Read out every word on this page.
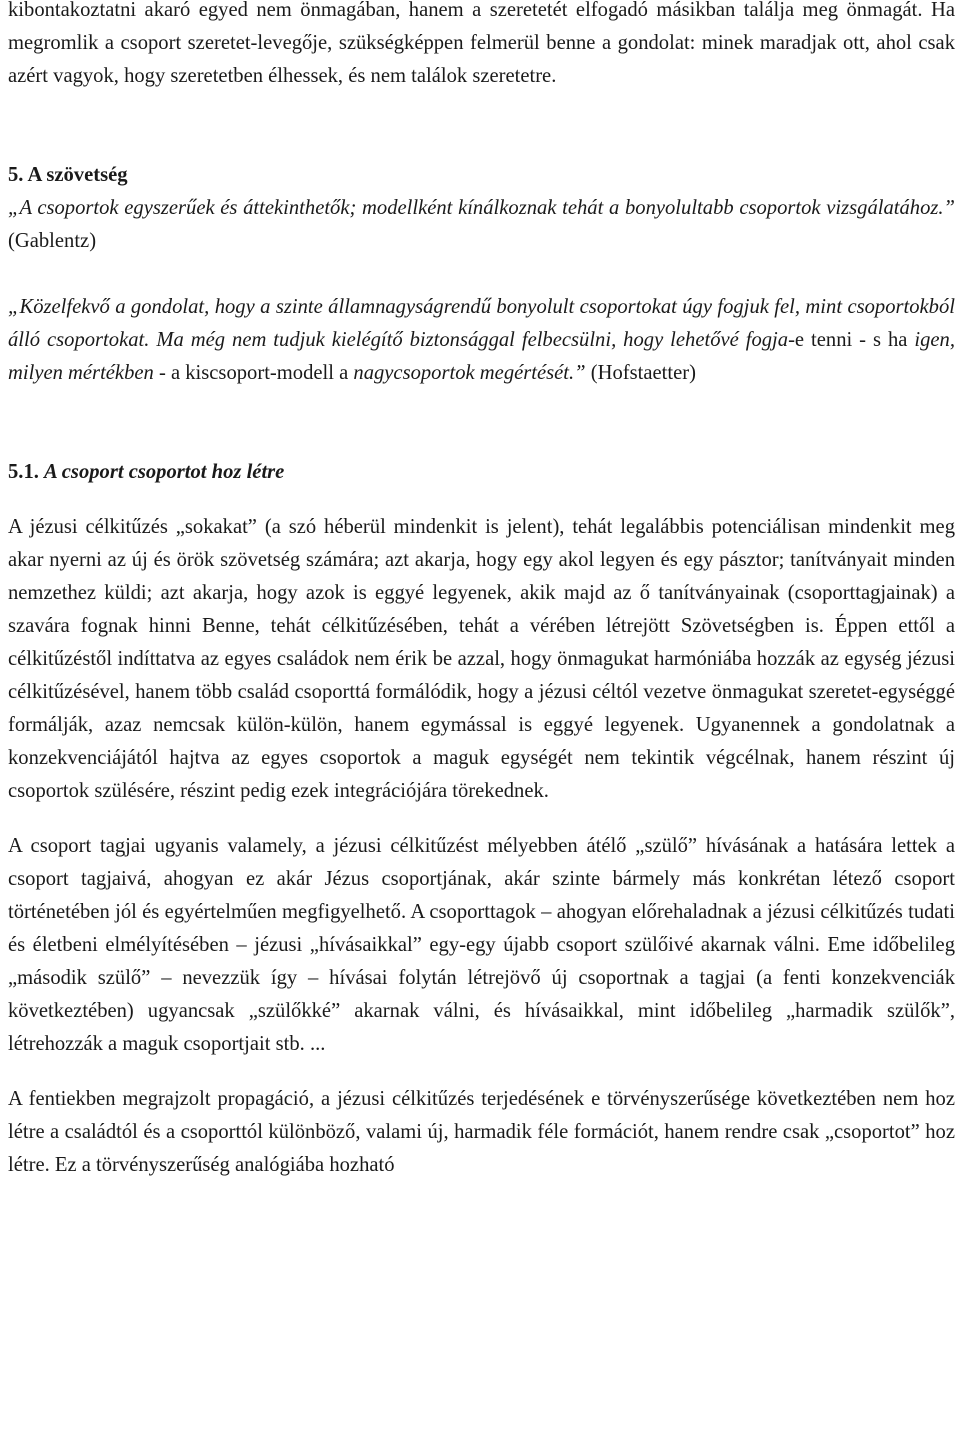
kibontakoztatni akaró egyed nem önmagában, hanem a szeretetét elfogadó másikban találja meg önmagát. Ha megromlik a csoport szeretet-levegője, szükségképpen felmerül benne a gondolat: minek maradjak ott, ahol csak azért vagyok, hogy szeretetben élhessek, és nem találok szeretetre.

5. A szövetség

„A csoportok egyszerűek és áttekinthetők; modellként kínálkoznak tehát a bonyolultabb csoportok vizsgálatához.” (Gablentz)

„Közelfekvő a gondolat, hogy a szinte államnagyságrendű bonyolult csoportokat úgy fogjuk fel, mint csoportokból álló csoportokat. Ma még nem tudjuk kielégítő biztonsággal felbecsülni, hogy lehetővé fogja-e tenni - s ha igen, milyen mértékben - a kiscsoport-modell a nagycsoportok megértését.” (Hofstaetter)

5.1. A csoport csoportot hoz létre

A jézusi célkitűzés „sokakat” (a szó héberül mindenkit is jelent), tehát legalábbis potenciálisan mindenkit meg akar nyerni az új és örök szövetség számára; azt akarja, hogy egy akol legyen és egy pásztor; tanítványait minden nemzethez küldi; azt akarja, hogy azok is eggyé legyenek, akik majd az ő tanítványainak (csoporttagjainak) a szavára fognak hinni Benne, tehát célkitűzésében, tehát a vérében létrejött Szövetségben is. Éppen ettől a célkitűzéstől indíttatva az egyes családok nem érik be azzal, hogy önmagukat harmóniába hozzák az egység jézusi célkitűzésével, hanem több család csoporttá formálódik, hogy a jézusi céltól vezetve önmagukat szeretet-egységgé formálják, azaz nemcsak külön-külön, hanem egymással is eggyé legyenek. Ugyanennek a gondolatnak a konzekvenciájától hajtva az egyes csoportok a maguk egységét nem tekintik végcélnak, hanem részint új csoportok szülésére, részint pedig ezek integrációjára törekednek.

A csoport tagjai ugyanis valamely, a jézusi célkitűzést mélyebben átélő „szülő” hívásának a hatására lettek a csoport tagjaivá, ahogyan ez akár Jézus csoportjának, akár szinte bármely más konkrétan létező csoport történetében jól és egyértelműen megfigyelhető. A csoporttagok – ahogyan előrehaladnak a jézusi célkitűzés tudati és életbeni elmélyítésében – jézusi „hívásaikkal” egy-egy újabb csoport szülőivé akarnak válni. Eme időbelileg „második szülő” – nevezzük így – hívásai folytán létrejövő új csoportnak a tagjai (a fenti konzekvenciák következtében) ugyancsak „szülőkké” akarnak válni, és hívásaikkal, mint időbelileg „harmadik szülők”, létrehozzák a maguk csoportjait stb. ...

A fentiekben megrajzolt propagáció, a jézusi célkitűzés terjedésének e törvényszerűsége következtében nem hoz létre a családtól és a csoporttól különböző, valami új, harmadik féle formációt, hanem rendre csak „csoportot” hoz létre. Ez a törvényszerűség analógiába hozható
